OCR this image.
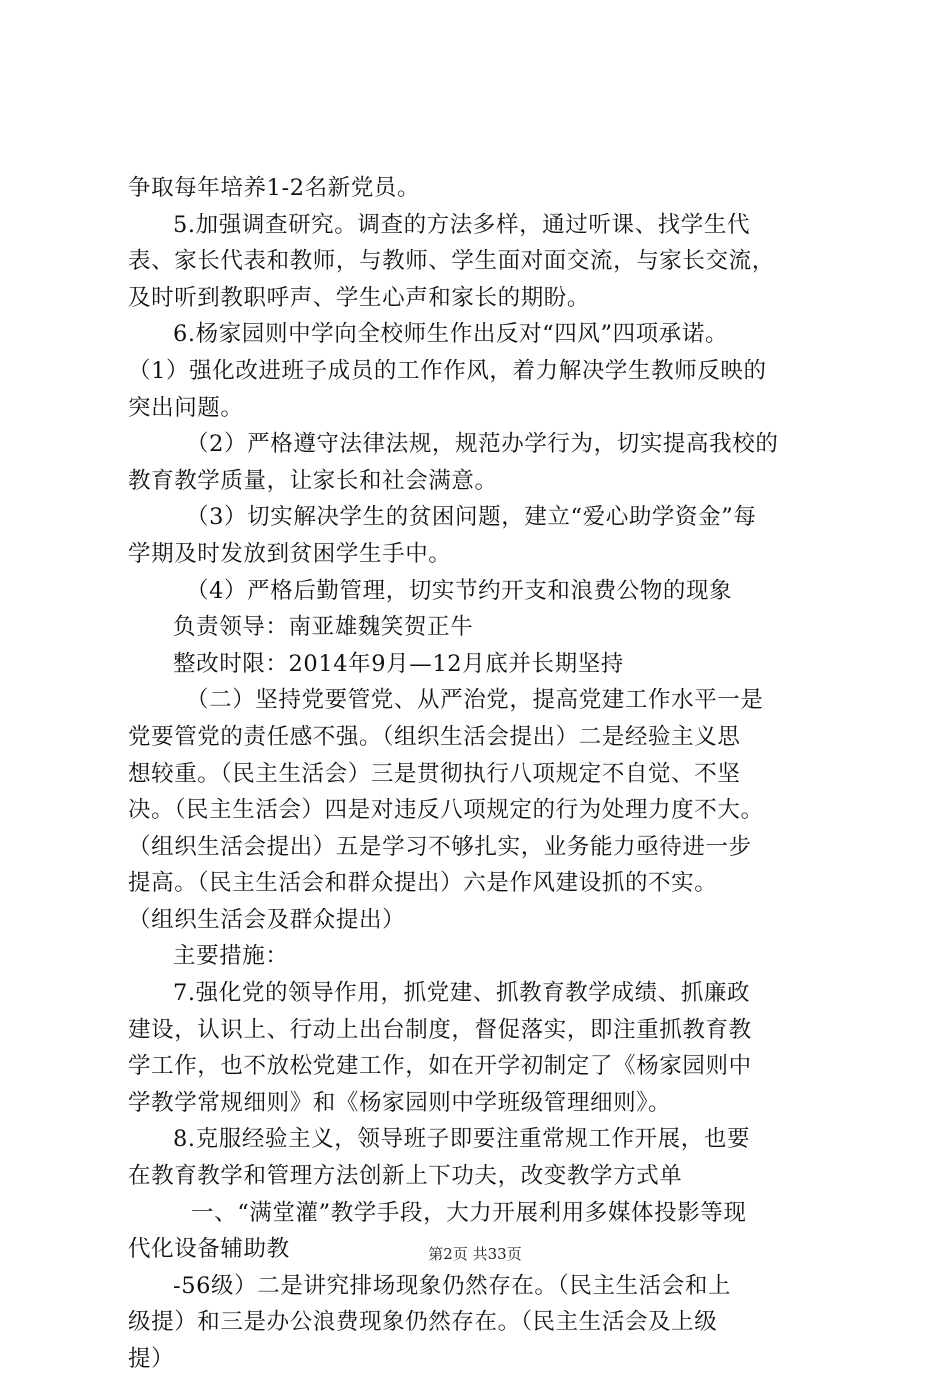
争取每年培养1-2名新党员。
5.加强调查研究。调查的方法多样，通过听课、找学生代
表、家长代表和教师，与教师、学生面对面交流，与家长交流，
及时听到教职呼声、学生心声和家长的期盼。
6.杨家园则中学向全校师生作出反对“四风”四项承诺。
（1）强化改进班子成员的工作作风，着力解决学生教师反映的
突出问题。
（2）严格遵守法律法规，规范办学行为，切实提高我校的
教育教学质量，让家长和社会满意。
（3）切实解决学生的贫困问题，建立“爱心助学资金”每
学期及时发放到贫困学生手中。
（4）严格后勤管理，切实节约开支和浪费公物的现象
负责领导：南亚雄魏笑贺正牛
整改时限：2014年9月—12月底并长期坚持
（二）坚持党要管党、从严治党，提高党建工作水平一是
党要管党的责任感不强。（组织生活会提出）二是经验主义思
想较重。（民主生活会）三是贯彻执行八项规定不自觉、不坚
决。（民主生活会）四是对违反八项规定的行为处理力度不大。
（组织生活会提出）五是学习不够扎实，业务能力亟待进一步
提高。（民主生活会和群众提出）六是作风建设抓的不实。
（组织生活会及群众提出）
主要措施：
7.强化党的领导作用，抓党建、抓教育教学成绩、抓廉政
建设，认识上、行动上出台制度，督促落实，即注重抓教育教
学工作，也不放松党建工作，如在开学初制定了《杨家园则中
学教学常规细则》和《杨家园则中学班级管理细则》。
8.克服经验主义，领导班子即要注重常规工作开展，也要
在教育教学和管理方法创新上下功夫，改变教学方式单
一、“满堂灌”教学手段，大力开展利用多媒体投影等现
代化设备辅助教
-56级）二是讲究排场现象仍然存在。（民主生活会和上
级提）和三是办公浪费现象仍然存在。（民主生活会及上级
提）
第2页 共33页
